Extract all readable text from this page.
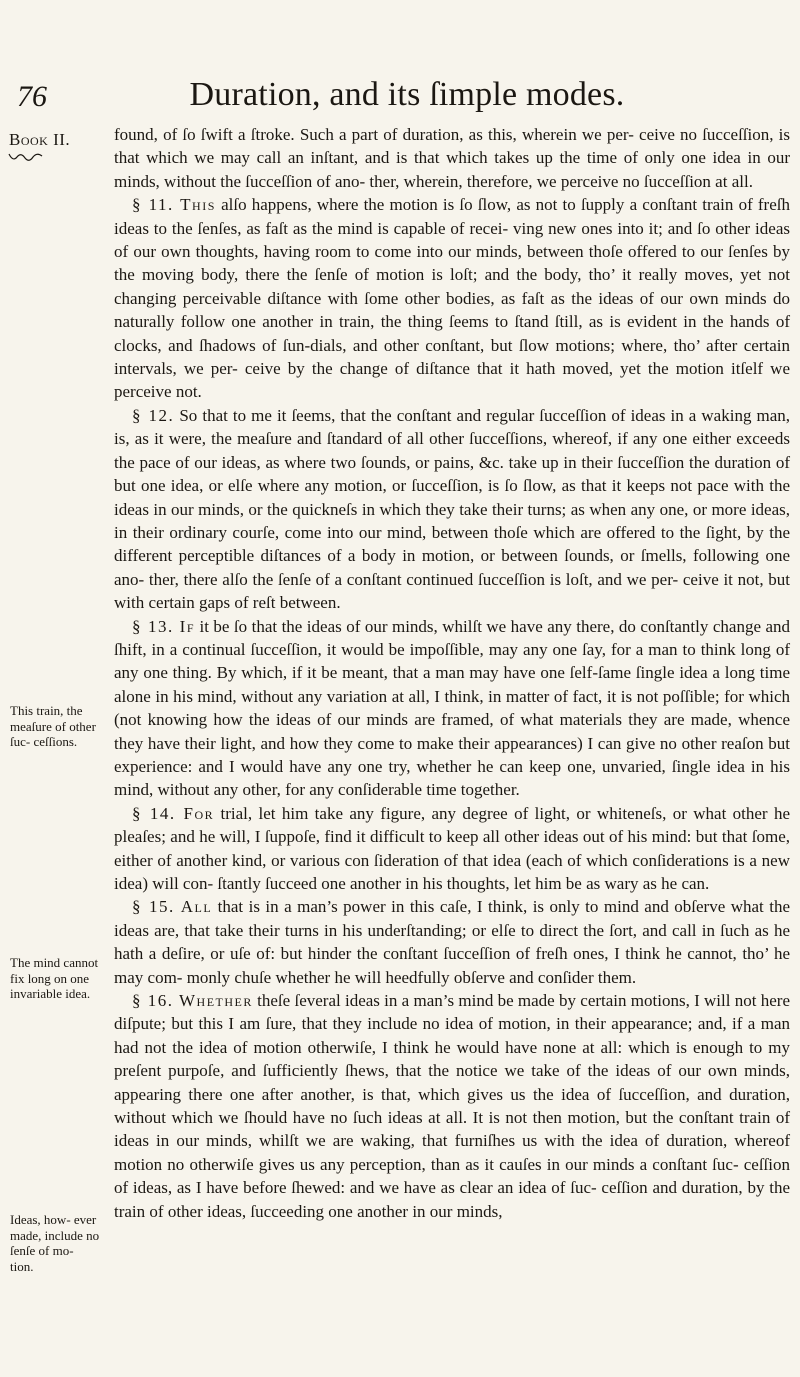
76	Duration, and its ſimple modes.
Book II.
This train, the meaſure of other ſuc- ceſſions.
The mind cannot fix long on one invariable idea.
Ideas, how- ever made, include no ſenſe of mo- tion.

found, of ſo ſwift a ſtroke. Such a part of duration, as this, wherein we per- ceive no ſucceſſion, is that which we may call an inſtant, and is that which takes up the time of only one idea in our minds, without the ſucceſſion of ano- ther, wherein, therefore, we perceive no ſucceſſion at all.

§ 11. This alſo happens, where the motion is ſo ſlow, as not to ſupply a conſtant train of freſh ideas to the ſenſes, as faſt as the mind is capable of recei- ving new ones into it; and ſo other ideas of our own thoughts, having room to come into our minds, between thoſe offered to our ſenſes by the moving body, there the ſenſe of motion is loſt; and the body, tho’ it really moves, yet not changing perceivable diſtance with ſome other bodies, as faſt as the ideas of our own minds do naturally follow one another in train, the thing ſeems to ſtand ſtill, as is evident in the hands of clocks, and ſhadows of ſun-dials, and other conſtant, but ſlow motions; where, tho’ after certain intervals, we per- ceive by the change of diſtance that it hath moved, yet the motion itſelf we perceive not.

§ 12. So that to me it ſeems, that the conſtant and regular ſucceſſion of ideas in a waking man, is, as it were, the meaſure and ſtandard of all other ſucceſſions, whereof, if any one either exceeds the pace of our ideas, as where two ſounds, or pains, &c. take up in their ſucceſſion the duration of but one idea, or elſe where any motion, or ſucceſſion, is ſo ſlow, as that it keeps not pace with the ideas in our minds, or the quickneſs in which they take their turns; as when any one, or more ideas, in their ordinary courſe, come into our mind, between thoſe which are offered to the ſight, by the different perceptible diſtances of a body in motion, or between ſounds, or ſmells, following one ano- ther, there alſo the ſenſe of a conſtant continued ſucceſſion is loſt, and we per- ceive it not, but with certain gaps of reſt between.

§ 13. If it be ſo that the ideas of our minds, whilſt we have any there, do conſtantly change and ſhift, in a continual ſucceſſion, it would be impoſſible, may any one ſay, for a man to think long of any one thing. By which, if it be meant, that a man may have one ſelf-ſame ſingle idea a long time alone in his mind, without any variation at all, I think, in matter of fact, it is not poſſible; for which (not knowing how the ideas of our minds are framed, of what materials they are made, whence they have their light, and how they come to make their appearances) I can give no other reaſon but experience: and I would have any one try, whether he can keep one, unvaried, ſingle idea in his mind, without any other, for any conſiderable time together.

§ 14. For trial, let him take any figure, any degree of light, or whiteneſs, or what other he pleaſes; and he will, I ſuppoſe, find it difficult to keep all other ideas out of his mind: but that ſome, either of another kind, or various con ſideration of that idea (each of which conſiderations is a new idea) will con- ſtantly ſucceed one another in his thoughts, let him be as wary as he can.

§ 15. All that is in a man’s power in this caſe, I think, is only to mind and obſerve what the ideas are, that take their turns in his underſtanding; or elſe to direct the ſort, and call in ſuch as he hath a deſire, or uſe of: but hinder the conſtant ſucceſſion of freſh ones, I think he cannot, tho’ he may com- monly chuſe whether he will heedfully obſerve and conſider them.

§ 16. Whether theſe ſeveral ideas in a man’s mind be made by certain motions, I will not here diſpute; but this I am ſure, that they include no idea of motion, in their appearance; and, if a man had not the idea of motion otherwiſe, I think he would have none at all: which is enough to my preſent purpoſe, and ſufficiently ſhews, that the notice we take of the ideas of our own minds, appearing there one after another, is that, which gives us the idea of ſucceſſion, and duration, without which we ſhould have no ſuch ideas at all. It is not then motion, but the conſtant train of ideas in our minds, whilſt we are waking, that furniſhes us with the idea of duration, whereof motion no otherwiſe gives us any perception, than as it cauſes in our minds a conſtant ſuc- ceſſion of ideas, as I have before ſhewed: and we have as clear an idea of ſuc- ceſſion and duration, by the train of other ideas, ſucceeding one another in our minds,
